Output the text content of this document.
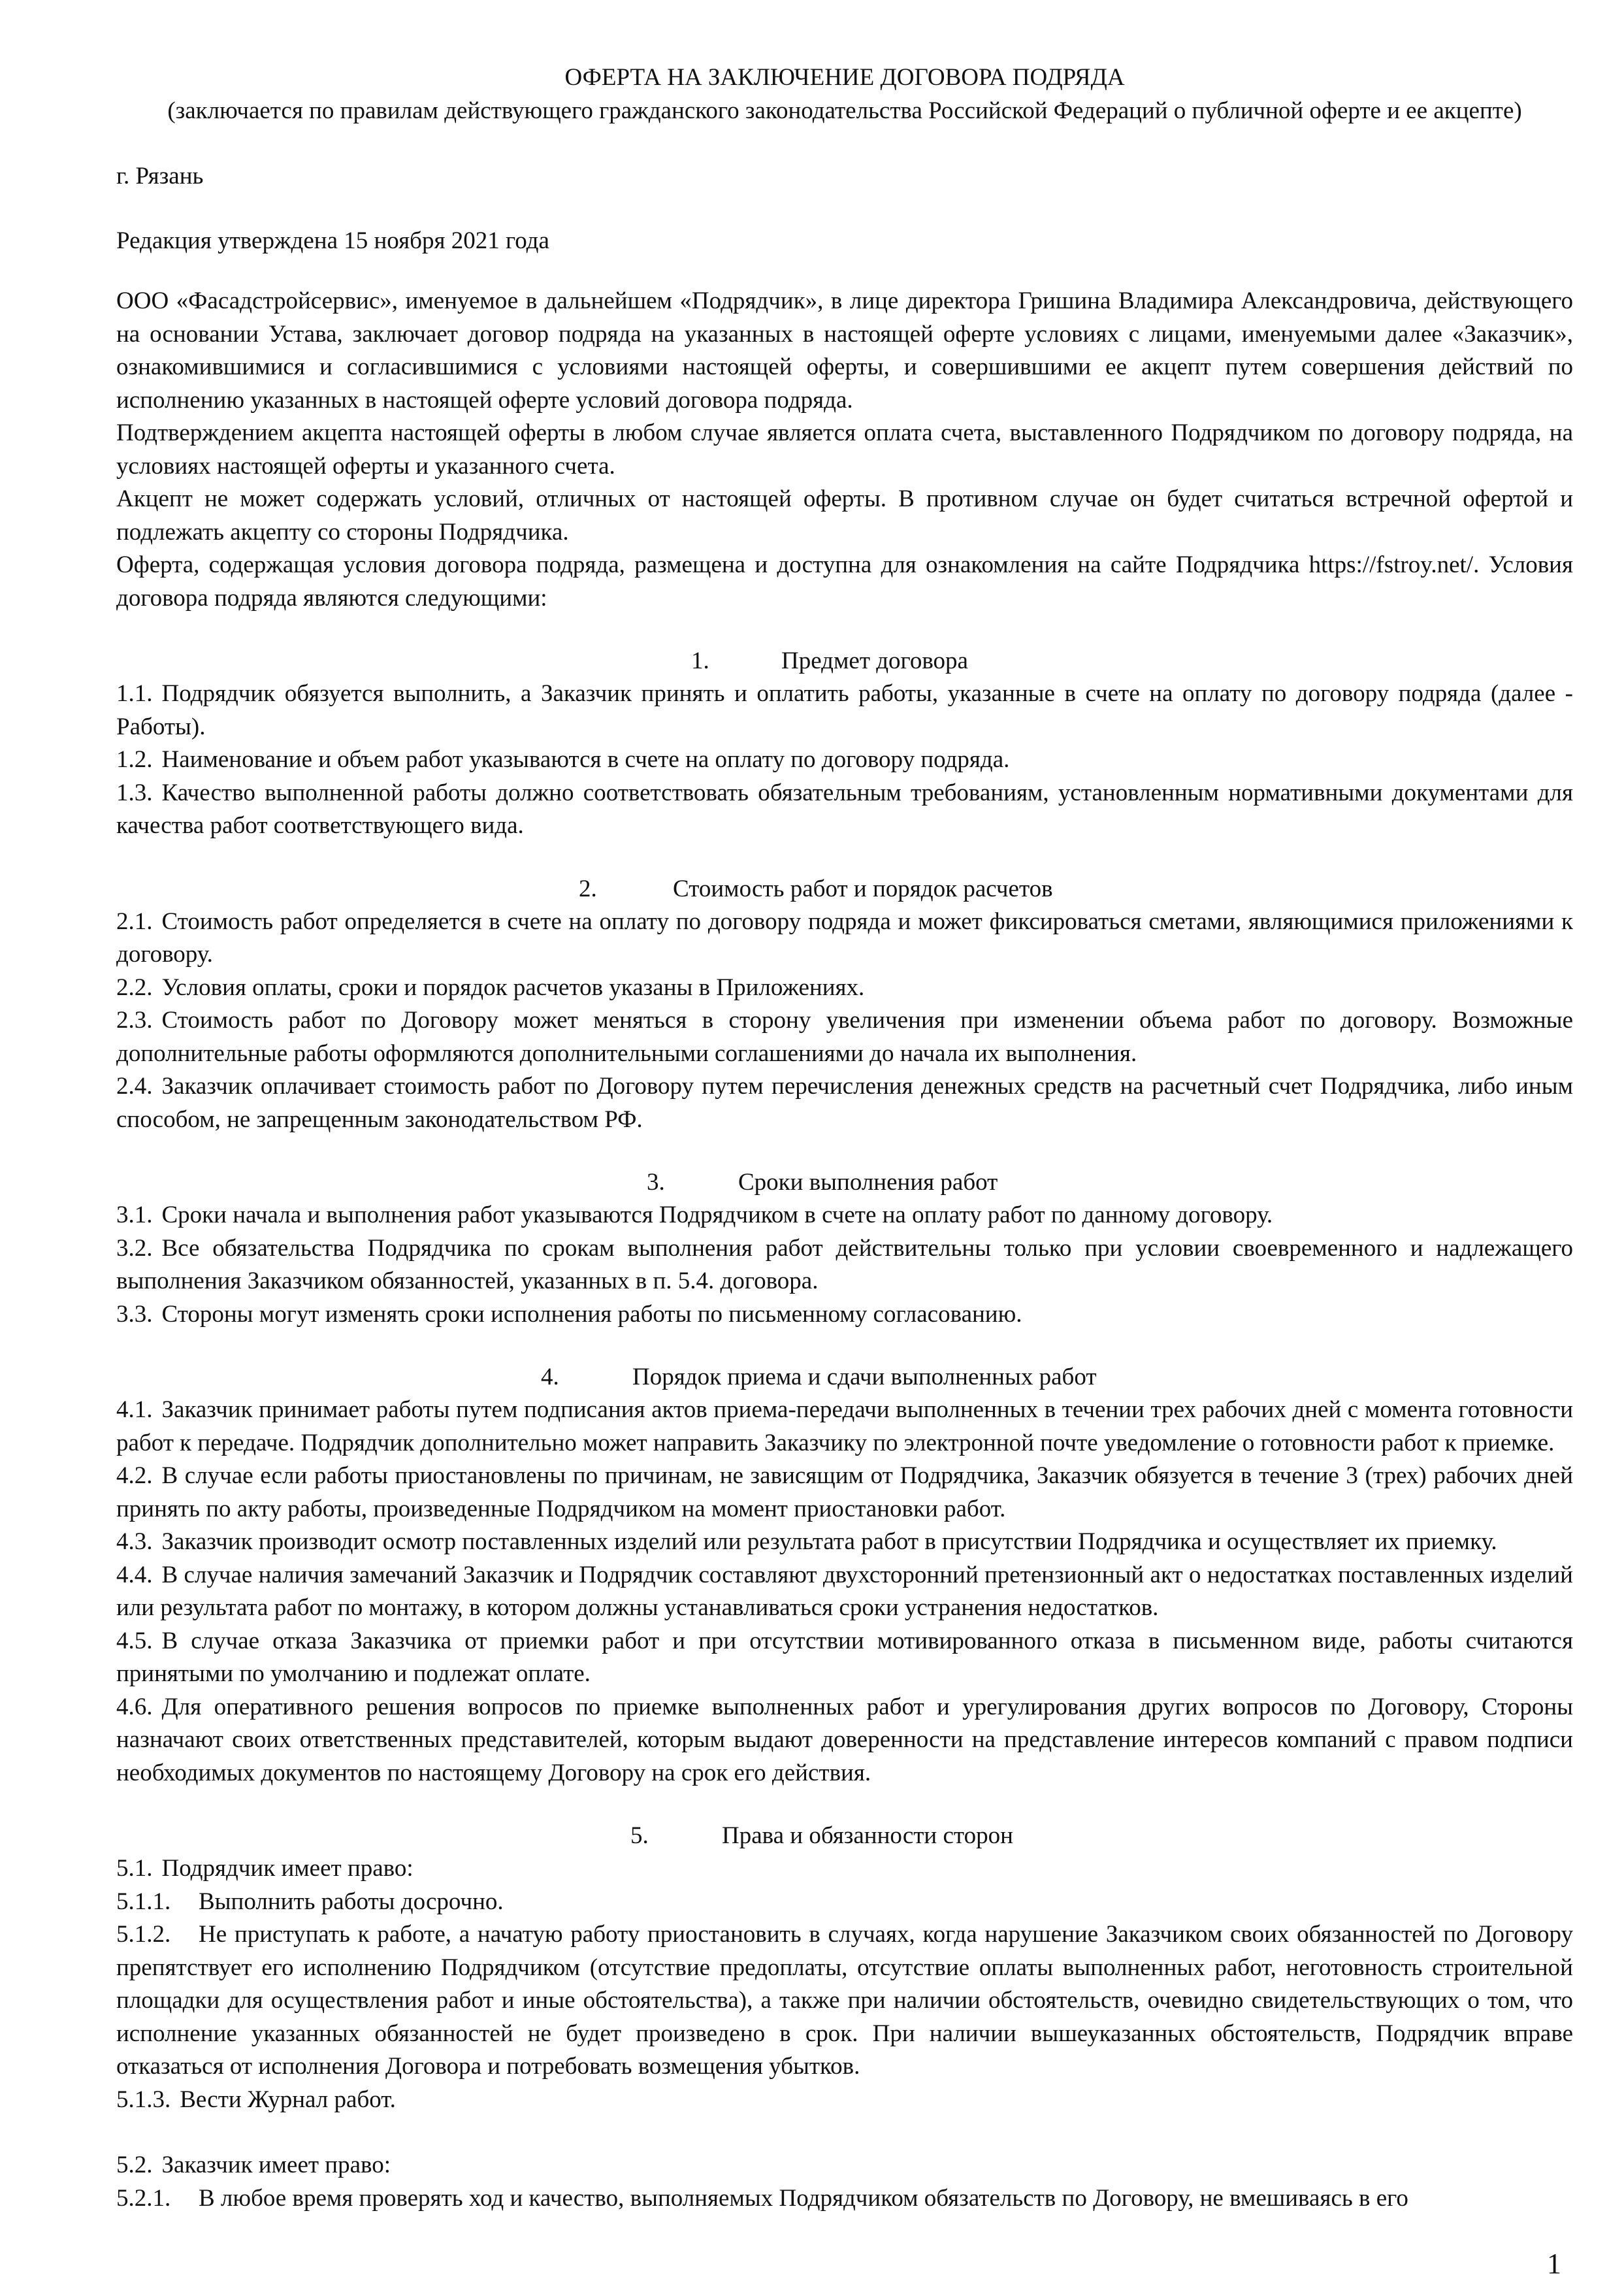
ОФЕРТА НА ЗАКЛЮЧЕНИЕ ДОГОВОРА ПОДРЯДА

(заключается по правилам действующего гражданского законодательства Российской Федераций о публичной оферте и ее акцепте)

г. Рязань

Редакция утверждена 15 ноября 2021 года

ООО «Фасадстройсервис», именуемое в дальнейшем «Подрядчик», в лице директора Гришина Владимира Александровича, действующего на основании Устава, заключает договор подряда на указанных в настоящей оферте условиях с лицами, именуемыми далее «Заказчик», ознакомившимися и согласившимися с условиями настоящей оферты, и совершившими ее акцепт путем совершения действий по исполнению указанных в настоящей оферте условий договора подряда.

Подтверждением акцепта настоящей оферты в любом случае является оплата счета, выставленного Подрядчиком по договору подряда, на условиях настоящей оферты и указанного счета.

Акцепт не может содержать условий, отличных от настоящей оферты. В противном случае он будет считаться встречной офертой и подлежать акцепту со стороны Подрядчика.

Оферта, содержащая условия договора подряда, размещена и доступна для ознакомления на сайте Подрядчика https://fstroy.net/. Условия договора подряда являются следующими:

1.	Предмет договора

1.1. Подрядчик обязуется выполнить, а Заказчик принять и оплатить работы, указанные в счете на оплату по договору подряда (далее - Работы).

1.2. Наименование и объем работ указываются в счете на оплату по договору подряда.

1.3. Качество выполненной работы должно соответствовать обязательным требованиям, установленным нормативными документами для качества работ соответствующего вида.

2.	Стоимость работ и порядок расчетов

2.1. Стоимость работ определяется в счете на оплату по договору подряда и может фиксироваться сметами, являющимися приложениями к договору.

2.2. Условия оплаты, сроки и порядок расчетов указаны в Приложениях.

2.3. Стоимость работ по Договору может меняться в сторону увеличения при изменении объема работ по договору. Возможные дополнительные работы оформляются дополнительными соглашениями до начала их выполнения.

2.4. Заказчик оплачивает стоимость работ по Договору путем перечисления денежных средств на расчетный счет Подрядчика, либо иным способом, не запрещенным законодательством РФ.

3.	Сроки выполнения работ

3.1. Сроки начала и выполнения работ указываются Подрядчиком в счете на оплату работ по данному договору.

3.2. Все обязательства Подрядчика по срокам выполнения работ действительны только при условии своевременного и надлежащего выполнения Заказчиком обязанностей, указанных в п. 5.4. договора.

3.3. Стороны могут изменять сроки исполнения работы по письменному согласованию.

4.	Порядок приема и сдачи выполненных работ

4.1. Заказчик принимает работы путем подписания актов приема-передачи выполненных в течении трех рабочих дней с момента готовности работ к передаче. Подрядчик дополнительно может направить Заказчику по электронной почте уведомление о готовности работ к приемке.

4.2. В случае если работы приостановлены по причинам, не зависящим от Подрядчика, Заказчик обязуется в течение 3 (трех) рабочих дней принять по акту работы, произведенные Подрядчиком на момент приостановки работ.

4.3. Заказчик производит осмотр поставленных изделий или результата работ в присутствии Подрядчика и осуществляет их приемку.

4.4. В случае наличия замечаний Заказчик и Подрядчик составляют двухсторонний претензионный акт о недостатках поставленных изделий или результата работ по монтажу, в котором должны устанавливаться сроки устранения недостатков.

4.5. В случае отказа Заказчика от приемки работ и при отсутствии мотивированного отказа в письменном виде, работы считаются принятыми по умолчанию и подлежат оплате.

4.6. Для оперативного решения вопросов по приемке выполненных работ и урегулирования других вопросов по Договору, Стороны назначают своих ответственных представителей, которым выдают доверенности на представление интересов компаний с правом подписи необходимых документов по настоящему Договору на срок его действия.

5.	Права и обязанности сторон

5.1. Подрядчик имеет право:

5.1.1. Выполнить работы досрочно.

5.1.2. Не приступать к работе, а начатую работу приостановить в случаях, когда нарушение Заказчиком своих обязанностей по Договору препятствует его исполнению Подрядчиком (отсутствие предоплаты, отсутствие оплаты выполненных работ, неготовность строительной площадки для осуществления работ и иные обстоятельства), а также при наличии обстоятельств, очевидно свидетельствующих о том, что исполнение указанных обязанностей не будет произведено в срок. При наличии вышеуказанных обстоятельств, Подрядчик вправе отказаться от исполнения Договора и потребовать возмещения убытков.

5.1.3. Вести Журнал работ.

5.2. Заказчик имеет право:

5.2.1. В любое время проверять ход и качество, выполняемых Подрядчиком обязательств по Договору, не вмешиваясь в его

1
